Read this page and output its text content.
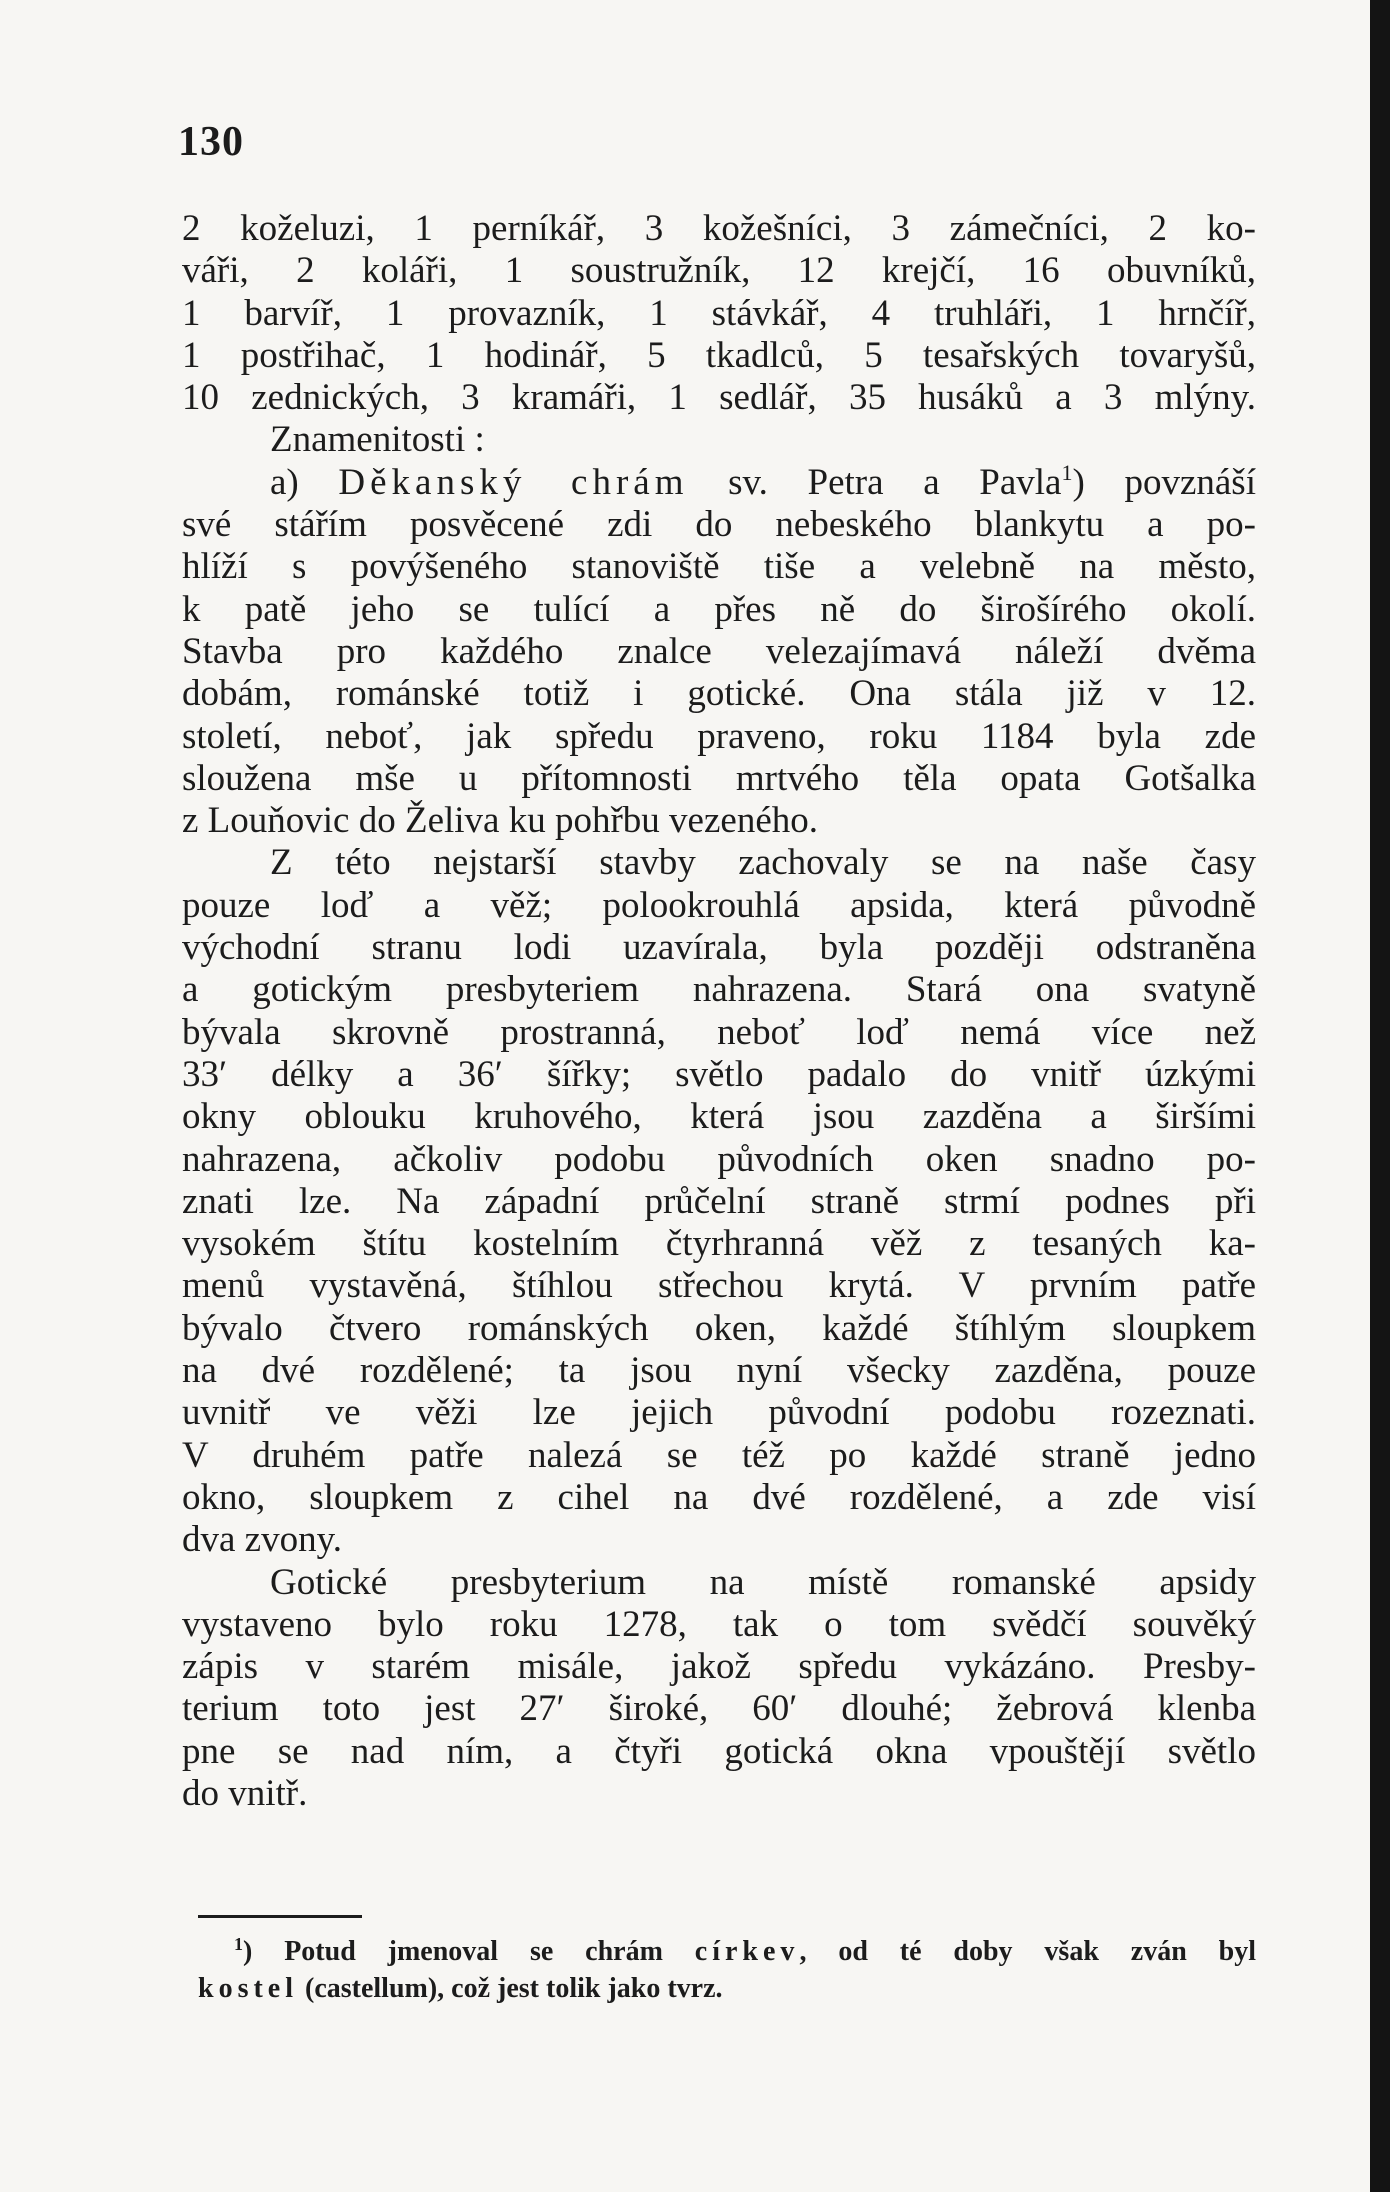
130
2 koželuzi, 1 perníkář, 3 kožešníci, 3 zámečníci, 2 ko-
váři, 2 koláři, 1 soustružník, 12 krejčí, 16 obuvníků,
1 barvíř, 1 provazník, 1 stávkář, 4 truhláři, 1 hrnčíř,
1 postřihač, 1 hodinář, 5 tkadlců, 5 tesařských tovaryšů,
10 zednických, 3 kramáři, 1 sedlář, 35 husáků a 3 mlýny.
Znamenitosti :
a) Děkanský chrám sv. Petra a Pavla$^1$) povznáší
své stářím posvěcené zdi do nebeského blankytu a po-
hlíží s povýšeného stanoviště tiše a velebně na město,
k patě jeho se tulící a přes ně do širošírého okolí.
Stavba pro každého znalce velezajímavá náleží dvěma
dobám, románské totiž i gotické. Ona stála již v 12.
století, neboť, jak spředu praveno, roku 1184 byla zde
sloužena mše u přítomnosti mrtvého těla opata Gotšalka
z Louňovic do Želiva ku pohřbu vezeného.
Z této nejstarší stavby zachovaly se na naše časy
pouze loď a věž; polookrouhlá apsida, která původně
východní stranu lodi uzavírala, byla později odstraněna
a gotickým presbyteriem nahrazena. Stará ona svatyně
bývala skrovně prostranná, neboť loď nemá více než
33′ délky a 36′ šířky; světlo padalo do vnitř úzkými
okny oblouku kruhového, která jsou zazděna a širšími
nahrazena, ačkoliv podobu původních oken snadno po-
znati lze. Na západní průčelní straně strmí podnes při
vysokém štítu kostelním čtyrhranná věž z tesaných ka-
menů vystavěná, štíhlou střechou krytá. V prvním patře
bývalo čtvero románských oken, každé štíhlým sloupkem
na dvé rozdělené; ta jsou nyní všecky zazděna, pouze
uvnitř ve věži lze jejich původní podobu rozeznati.
V druhém patře nalezá se též po každé straně jedno
okno, sloupkem z cihel na dvé rozdělené, a zde visí
dva zvony.
Gotické presbyterium na místě romanské apsidy
vystaveno bylo roku 1278, tak o tom svědčí souvěký
zápis v starém misále, jakož spředu vykázáno. Presby-
terium toto jest 27′ široké, 60′ dlouhé; žebrová klenba
pne se nad ním, a čtyři gotická okna vpouštějí světlo
do vnitř.
$^1$) Potud jmenoval se chrám církev, od té doby však zván byl
kostel (castellum), což jest tolik jako tvrz.
